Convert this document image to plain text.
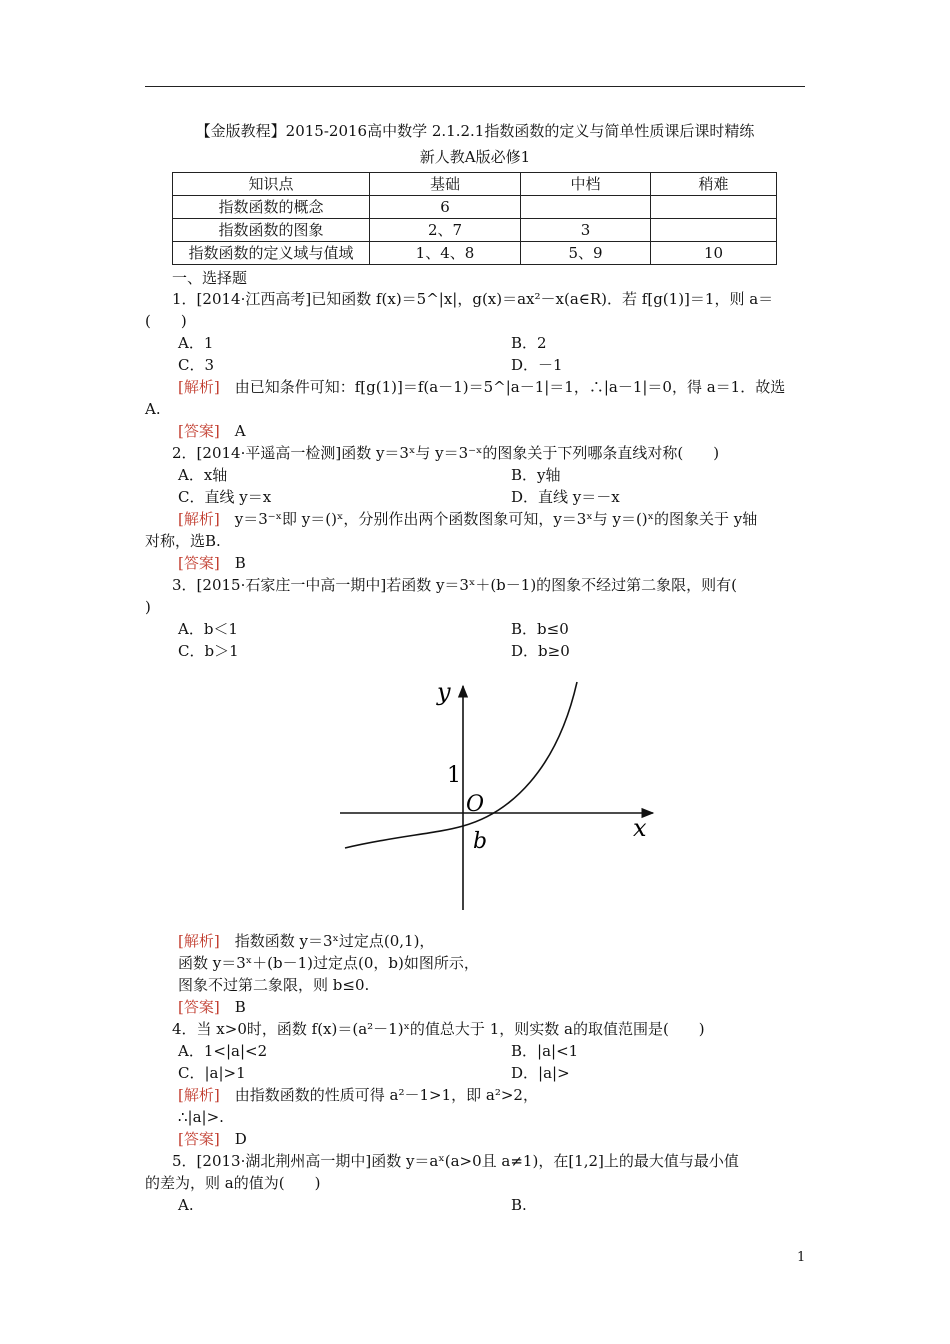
【金版教程】2015-2016高中数学 2.1.2.1指数函数的定义与简单性质课后课时精练
新人教A版必修1
知识点	基础	中档	稍难
指数函数的概念	6		
指数函数的图象	2、7	3	
指数函数的定义域与值域	1、4、8	5、9	10
一、选择题
1．[2014·江西高考]已知函数 f(x)＝5^|x|，g(x)＝ax²－x(a∈R)．若 f[g(1)]＝1，则 a＝
(　　)
A．1	B．2
C．3	D．－1
[解析]　 由已知条件可知：f[g(1)]＝f(a－1)＝5^|a－1|＝1，∴|a－1|＝0，得 a＝1．故选
A.
[答案]　 A
2．[2014·平遥高一检测]函数 y＝3ˣ与 y＝3⁻ˣ的图象关于下列哪条直线对称(　　)
A．x轴	B．y轴
C．直线 y＝x	D．直线 y＝－x
[解析]　 y＝3⁻ˣ即 y＝()ˣ，分别作出两个函数图象可知，y＝3ˣ与 y＝()ˣ的图象关于 y轴
对称，选B.
[答案]　 B
3．[2015·石家庄一中高一期中]若函数 y＝3ˣ＋(b－1)的图象不经过第二象限，则有(
)
A．b＜1	B．b≤0
C．b＞1	D．b≥0
y
x
O
1
b
[解析]　 指数函数 y＝3ˣ过定点(0,1)，
函数 y＝3ˣ＋(b－1)过定点(0，b)如图所示，
图象不过第二象限，则 b≤0.
[答案]　 B
4．当 x>0时，函数 f(x)＝(a²－1)ˣ的值总大于 1，则实数 a的取值范围是(　　)
A．1<|a|<2	B．|a|<1
C．|a|>1	D．|a|>
[解析]　 由指数函数的性质可得 a²－1>1，即 a²>2，
∴|a|>.
[答案]　 D
5．[2013·湖北荆州高一期中]函数 y＝aˣ(a>0且 a≠1)，在[1,2]上的最大值与最小值
的差为，则 a的值为(　　)
A.	B.
1
